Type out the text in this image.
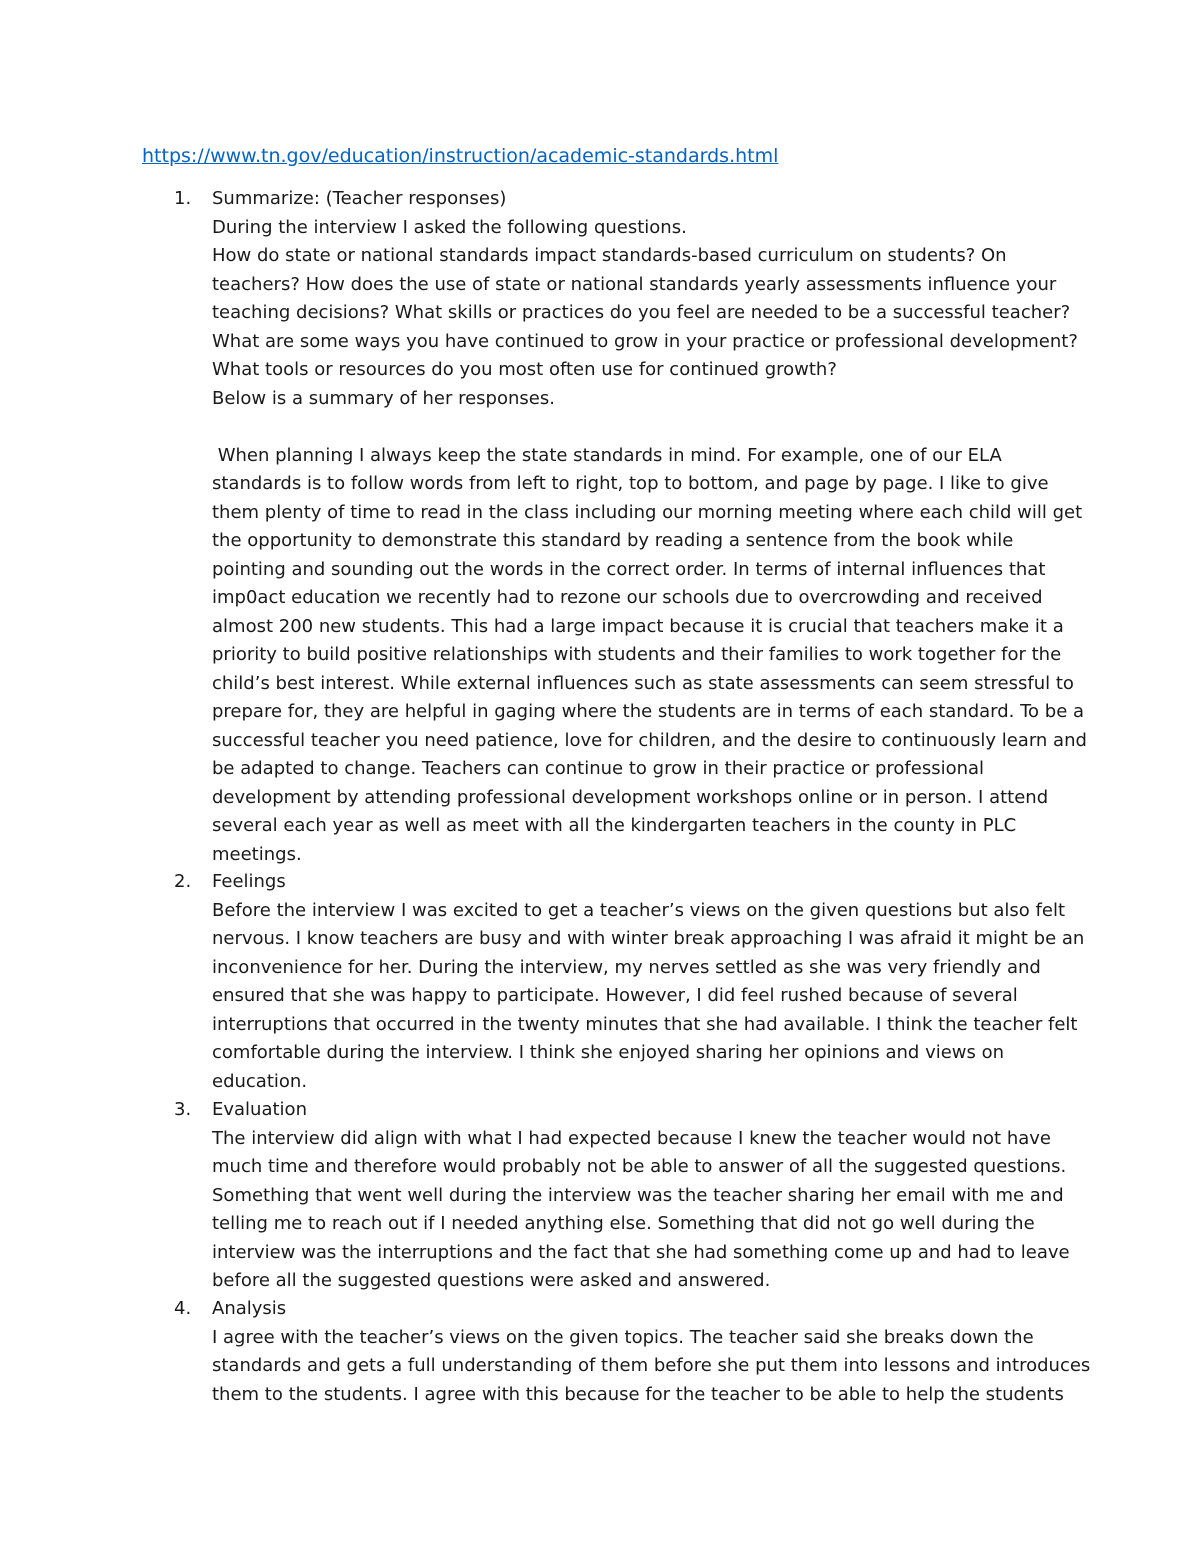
https://www.tn.gov/education/instruction/academic-standards.html
1. Summarize: (Teacher responses)
During the interview I asked the following questions.
How do state or national standards impact standards-based curriculum on students? On
teachers? How does the use of state or national standards yearly assessments influence your
teaching decisions? What skills or practices do you feel are needed to be a successful teacher?
What are some ways you have continued to grow in your practice or professional development?
What tools or resources do you most often use for continued growth?
Below is a summary of her responses.
When planning I always keep the state standards in mind. For example, one of our ELA
standards is to follow words from left to right, top to bottom, and page by page. I like to give
them plenty of time to read in the class including our morning meeting where each child will get
the opportunity to demonstrate this standard by reading a sentence from the book while
pointing and sounding out the words in the correct order. In terms of internal influences that
imp0act education we recently had to rezone our schools due to overcrowding and received
almost 200 new students. This had a large impact because it is crucial that teachers make it a
priority to build positive relationships with students and their families to work together for the
child’s best interest. While external influences such as state assessments can seem stressful to
prepare for, they are helpful in gaging where the students are in terms of each standard. To be a
successful teacher you need patience, love for children, and the desire to continuously learn and
be adapted to change. Teachers can continue to grow in their practice or professional
development by attending professional development workshops online or in person. I attend
several each year as well as meet with all the kindergarten teachers in the county in PLC
meetings.
2. Feelings
Before the interview I was excited to get a teacher’s views on the given questions but also felt
nervous. I know teachers are busy and with winter break approaching I was afraid it might be an
inconvenience for her. During the interview, my nerves settled as she was very friendly and
ensured that she was happy to participate. However, I did feel rushed because of several
interruptions that occurred in the twenty minutes that she had available. I think the teacher felt
comfortable during the interview. I think she enjoyed sharing her opinions and views on
education.
3. Evaluation
The interview did align with what I had expected because I knew the teacher would not have
much time and therefore would probably not be able to answer of all the suggested questions.
Something that went well during the interview was the teacher sharing her email with me and
telling me to reach out if I needed anything else. Something that did not go well during the
interview was the interruptions and the fact that she had something come up and had to leave
before all the suggested questions were asked and answered.
4. Analysis
I agree with the teacher’s views on the given topics. The teacher said she breaks down the
standards and gets a full understanding of them before she put them into lessons and introduces
them to the students. I agree with this because for the teacher to be able to help the students
